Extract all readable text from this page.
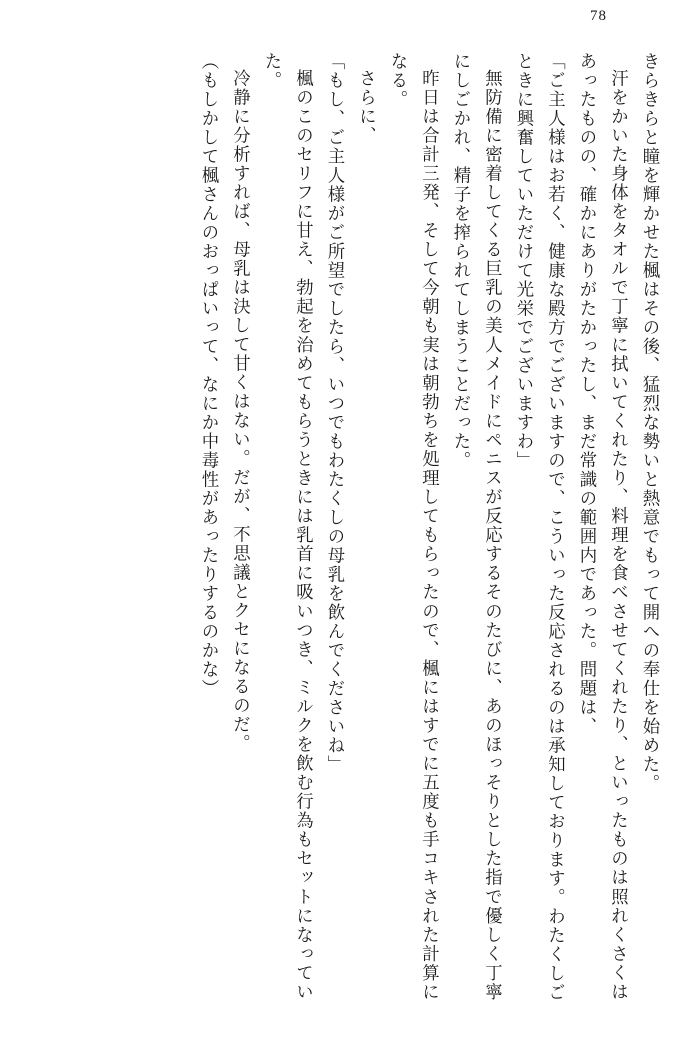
78

きらきらと瞳を輝かせた楓はその後、猛烈な勢いと熱意でもって開への奉仕を始めた。

汗をかいた身体をタオルで丁寧に拭いてくれたり、料理を食べさせてくれたり、といったものは照れくさくはあったものの、確かにありがたかったし、まだ常識の範囲内であった。問題は、

「ご主人様はお若く、健康な殿方でございますので、こういった反応されるのは承知しております。わたくしごときに興奮していただけて光栄でございますわ」

無防備に密着してくる巨乳の美人メイドにペニスが反応するそのたびに、あのほっそりとした指で優しく丁寧にしごかれ、精子を搾られてしまうことだった。

昨日は合計三発、そして今朝も実は朝勃ちを処理してもらったので、楓にはすでに五度も手コキされた計算になる。

さらに、

「もし、ご主人様がご所望でしたら、いつでもわたくしの母乳を飲んでくださいね」

楓のこのセリフに甘え、勃起を治めてもらうときには乳首に吸いつき、ミルクを飲む行為もセットになっていた。

冷静に分析すれば、母乳は決して甘くはない。だが、不思議とクセになるのだ。

（もしかして楓さんのおっぱいって、なにか中毒性があったりするのかな）
